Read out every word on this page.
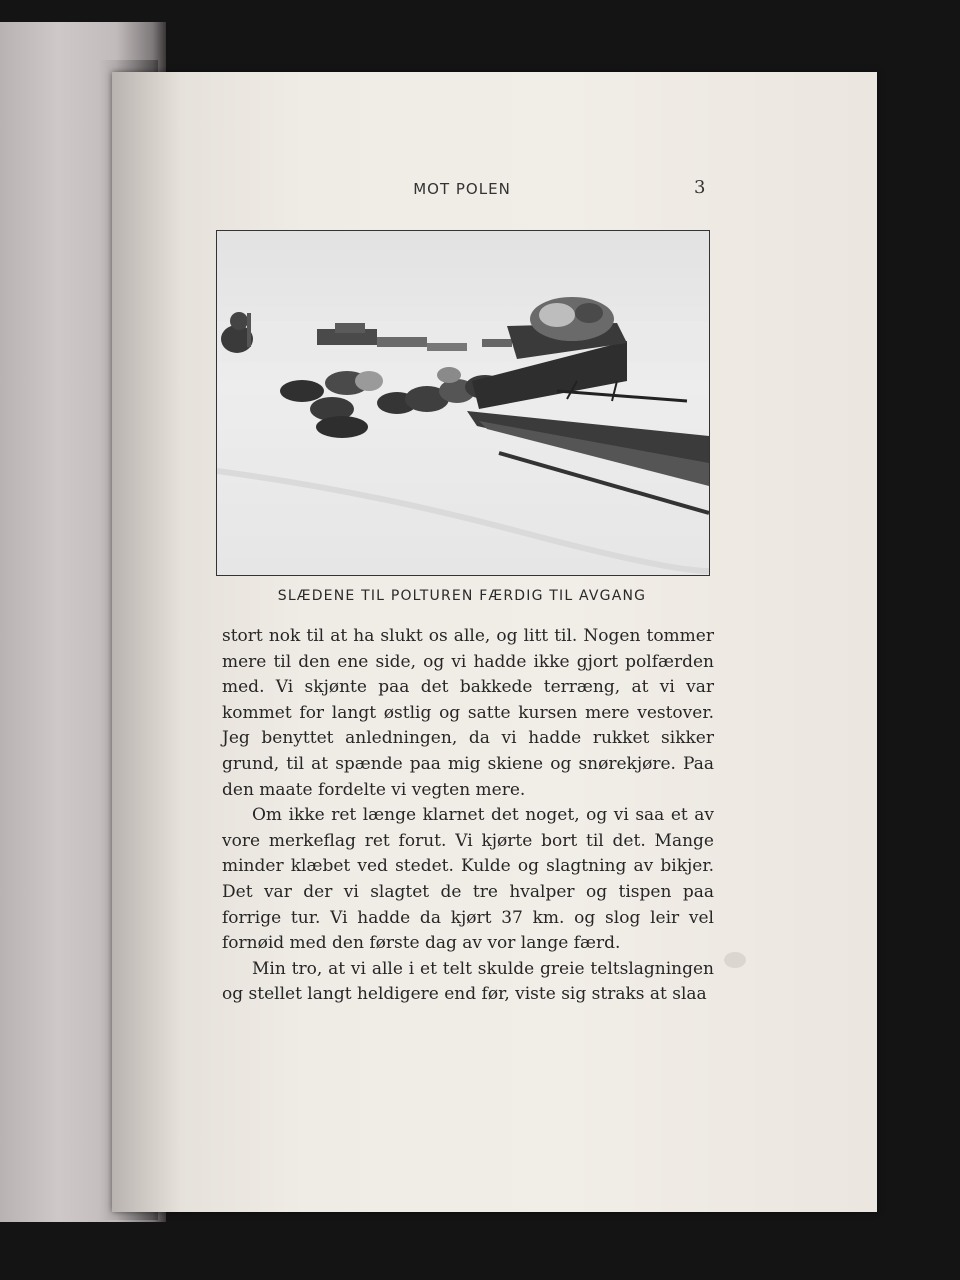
MOT POLEN	3
SLÆDENE TIL POLTUREN FÆRDIG TIL AVGANG

stort nok til at ha slukt os alle, og litt til. Nogen tommer mere til den ene side, og vi hadde ikke gjort polfærden med. Vi skjønte paa det bakkede terræng, at vi var kommet for langt østlig og satte kursen mere vestover. Jeg benyttet anledningen, da vi hadde rukket sikker grund, til at spænde paa mig skiene og snørekjøre. Paa den maate fordelte vi vegten mere.

Om ikke ret længe klarnet det noget, og vi saa et av vore merkeflag ret forut. Vi kjørte bort til det. Mange minder klæbet ved stedet. Kulde og slagtning av bikjer. Det var der vi slagtet de tre hvalper og tispen paa forrige tur. Vi hadde da kjørt 37 km. og slog leir vel fornøid med den første dag av vor lange færd.

Min tro, at vi alle i et telt skulde greie teltslagningen og stellet langt heldigere end før, viste sig straks at slaa
